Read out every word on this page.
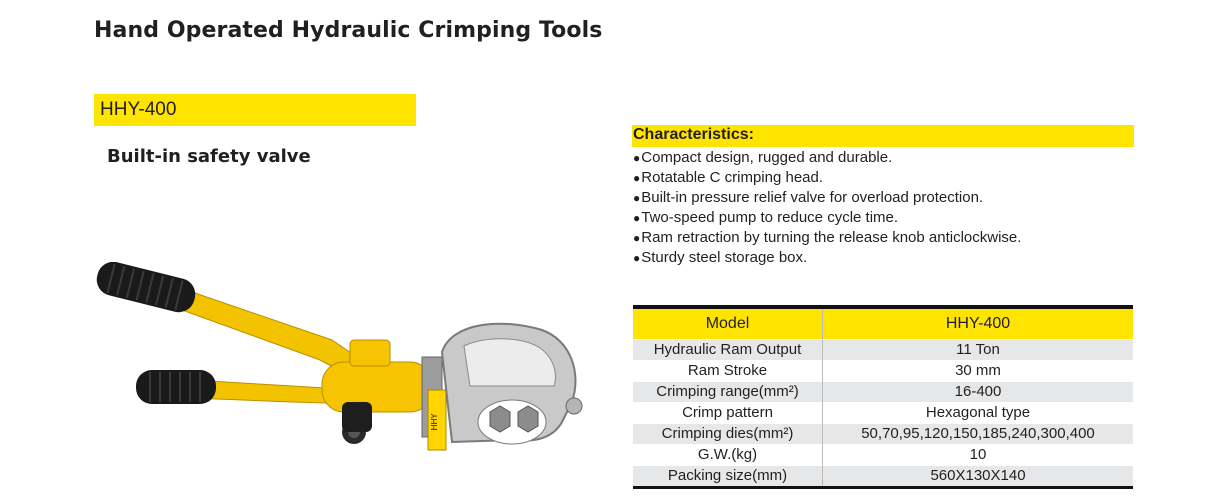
Hand Operated Hydraulic Crimping Tools
HHY-400
Built-in safety valve
HHY
Characteristics:
●Compact design, rugged and durable.
●Rotatable C crimping head.
●Built-in pressure relief valve for overload protection.
●Two-speed pump to reduce cycle time.
●Ram retraction by turning the release knob anticlockwise.
●Sturdy steel storage box.
Model	HHY-400
Hydraulic Ram Output	11 Ton
Ram Stroke	30 mm
Crimping range(mm²)	16-400
Crimp pattern	Hexagonal type
Crimping dies(mm²)	50,70,95,120,150,185,240,300,400
G.W.(kg)	10
Packing size(mm)	560X130X140
